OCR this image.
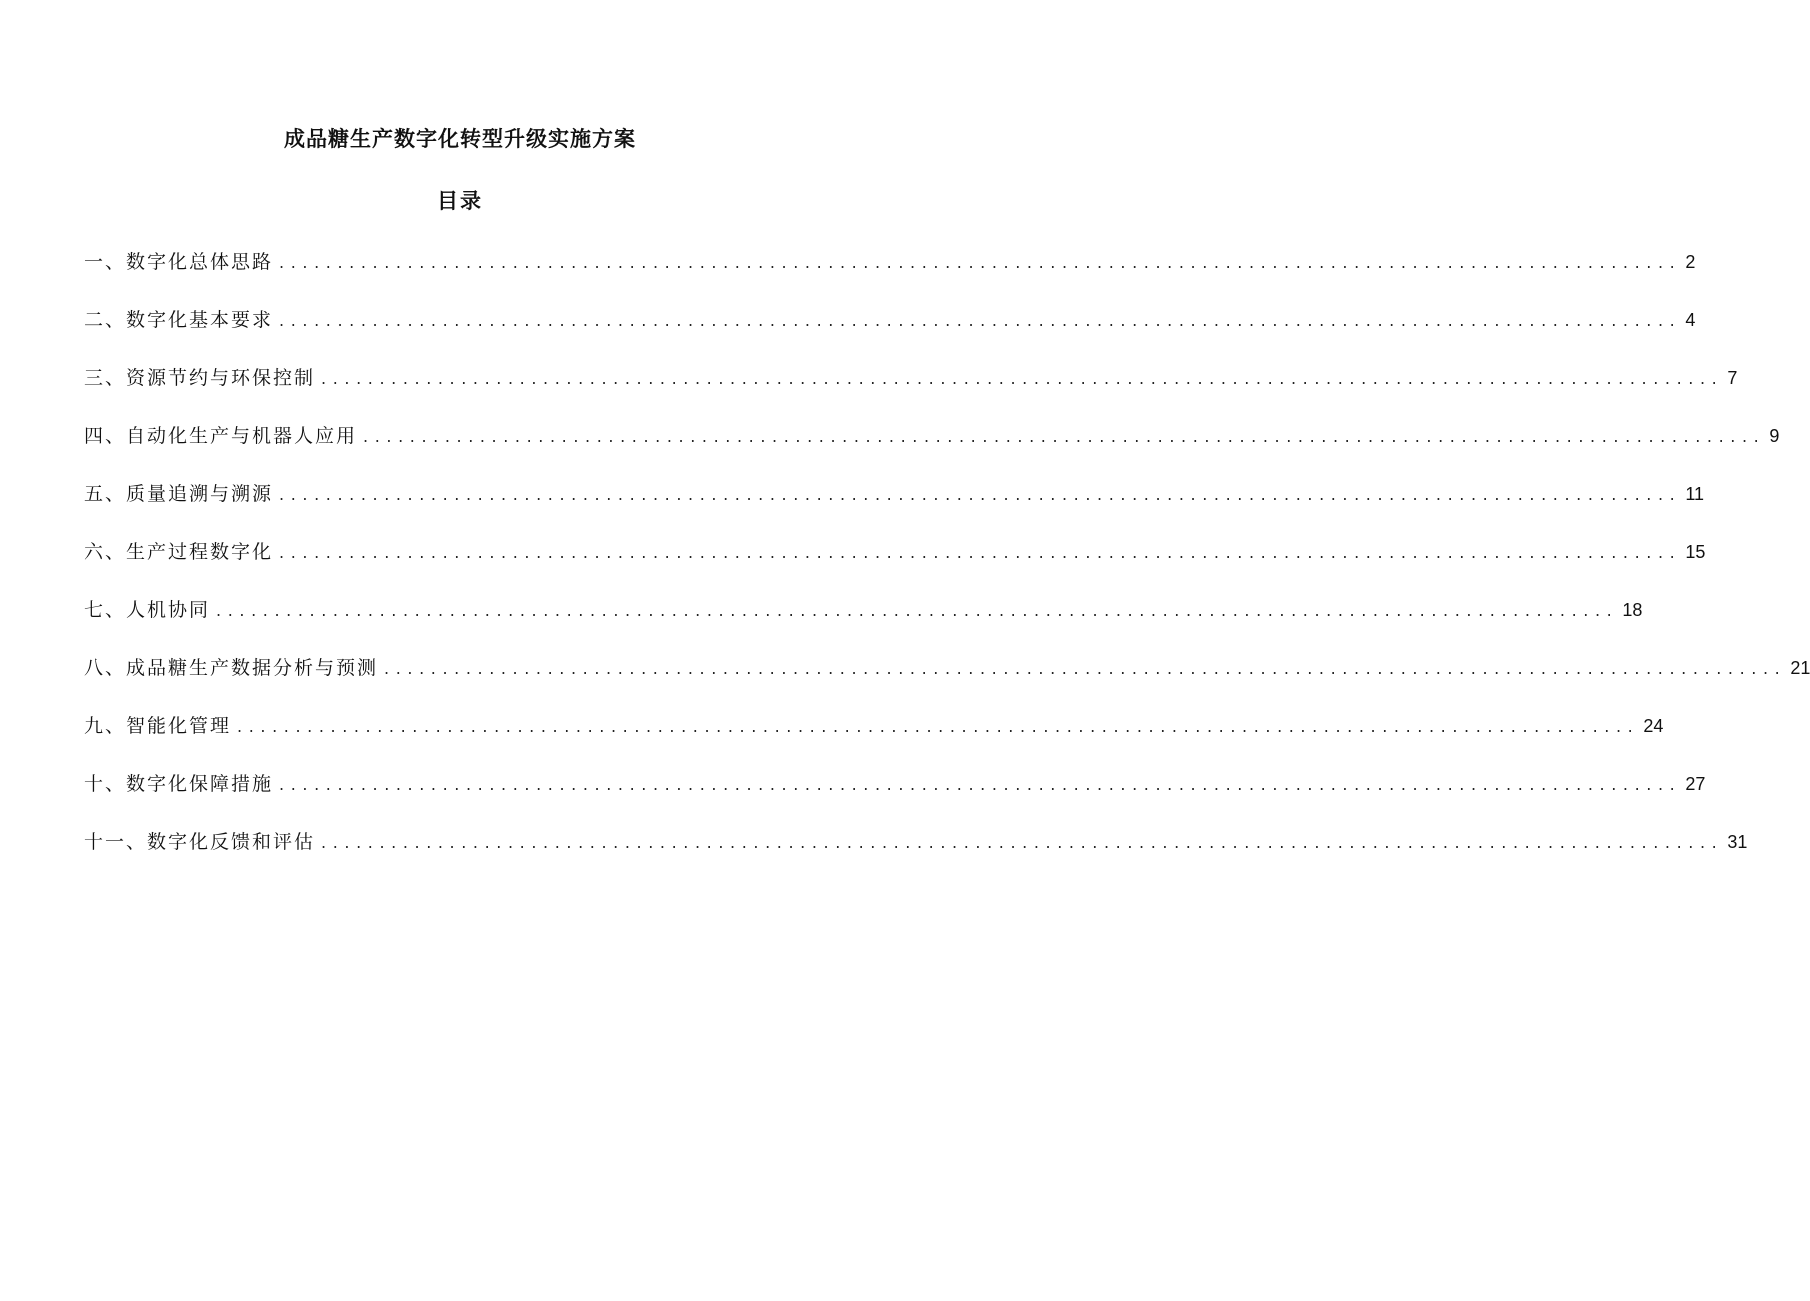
成品糖生产数字化转型升级实施方案
目录
一、数字化总体思路 ........................................................................................................................ 2
二、数字化基本要求 ........................................................................................................................ 4
三、资源节约与环保控制 ........................................................................................................................ 7
四、自动化生产与机器人应用 ........................................................................................................................ 9
五、质量追溯与溯源 ........................................................................................................................ 11
六、生产过程数字化 ........................................................................................................................ 15
七、人机协同 ........................................................................................................................ 18
八、成品糖生产数据分析与预测 ........................................................................................................................ 21
九、智能化管理 ........................................................................................................................ 24
十、数字化保障措施 ........................................................................................................................ 27
十一、数字化反馈和评估 ........................................................................................................................ 31
